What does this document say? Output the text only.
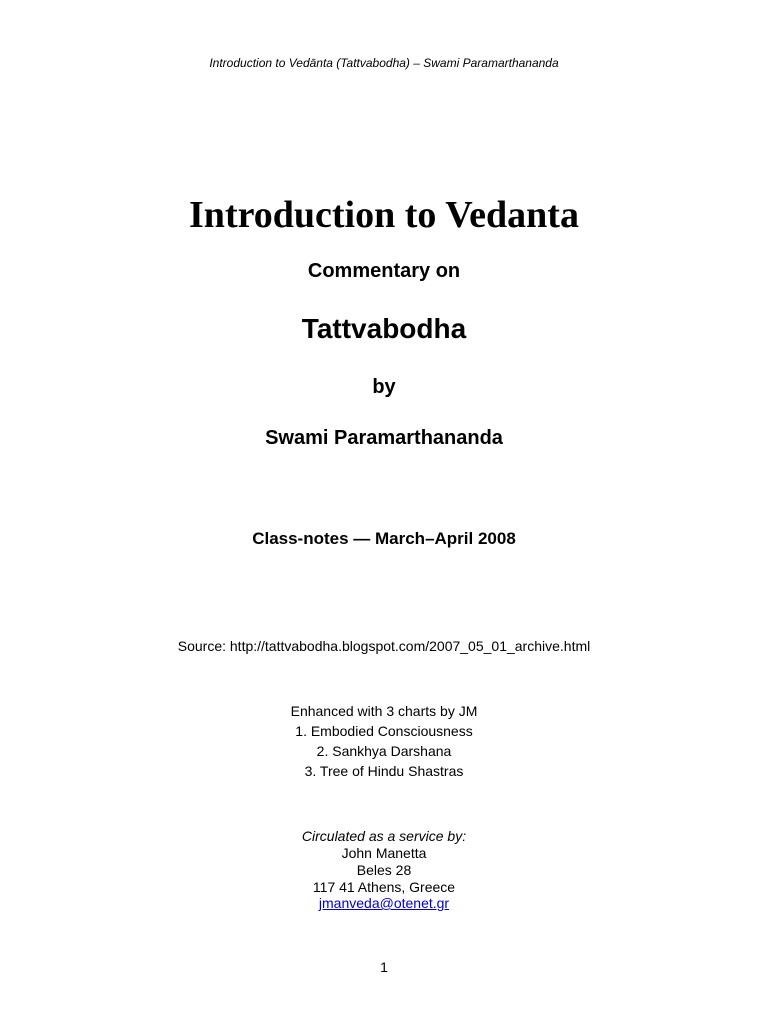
Introduction to Vedānta (Tattvabodha) – Swami Paramarthananda
Introduction to Vedanta
Commentary on
Tattvabodha
by
Swami Paramarthananda
Class-notes — March–April 2008
Source: http://tattvabodha.blogspot.com/2007_05_01_archive.html
Enhanced with 3 charts by JM
1. Embodied Consciousness
2. Sankhya Darshana
3. Tree of Hindu Shastras
Circulated as a service by:
John Manetta
Beles 28
117 41 Athens, Greece
jmanveda@otenet.gr
1
